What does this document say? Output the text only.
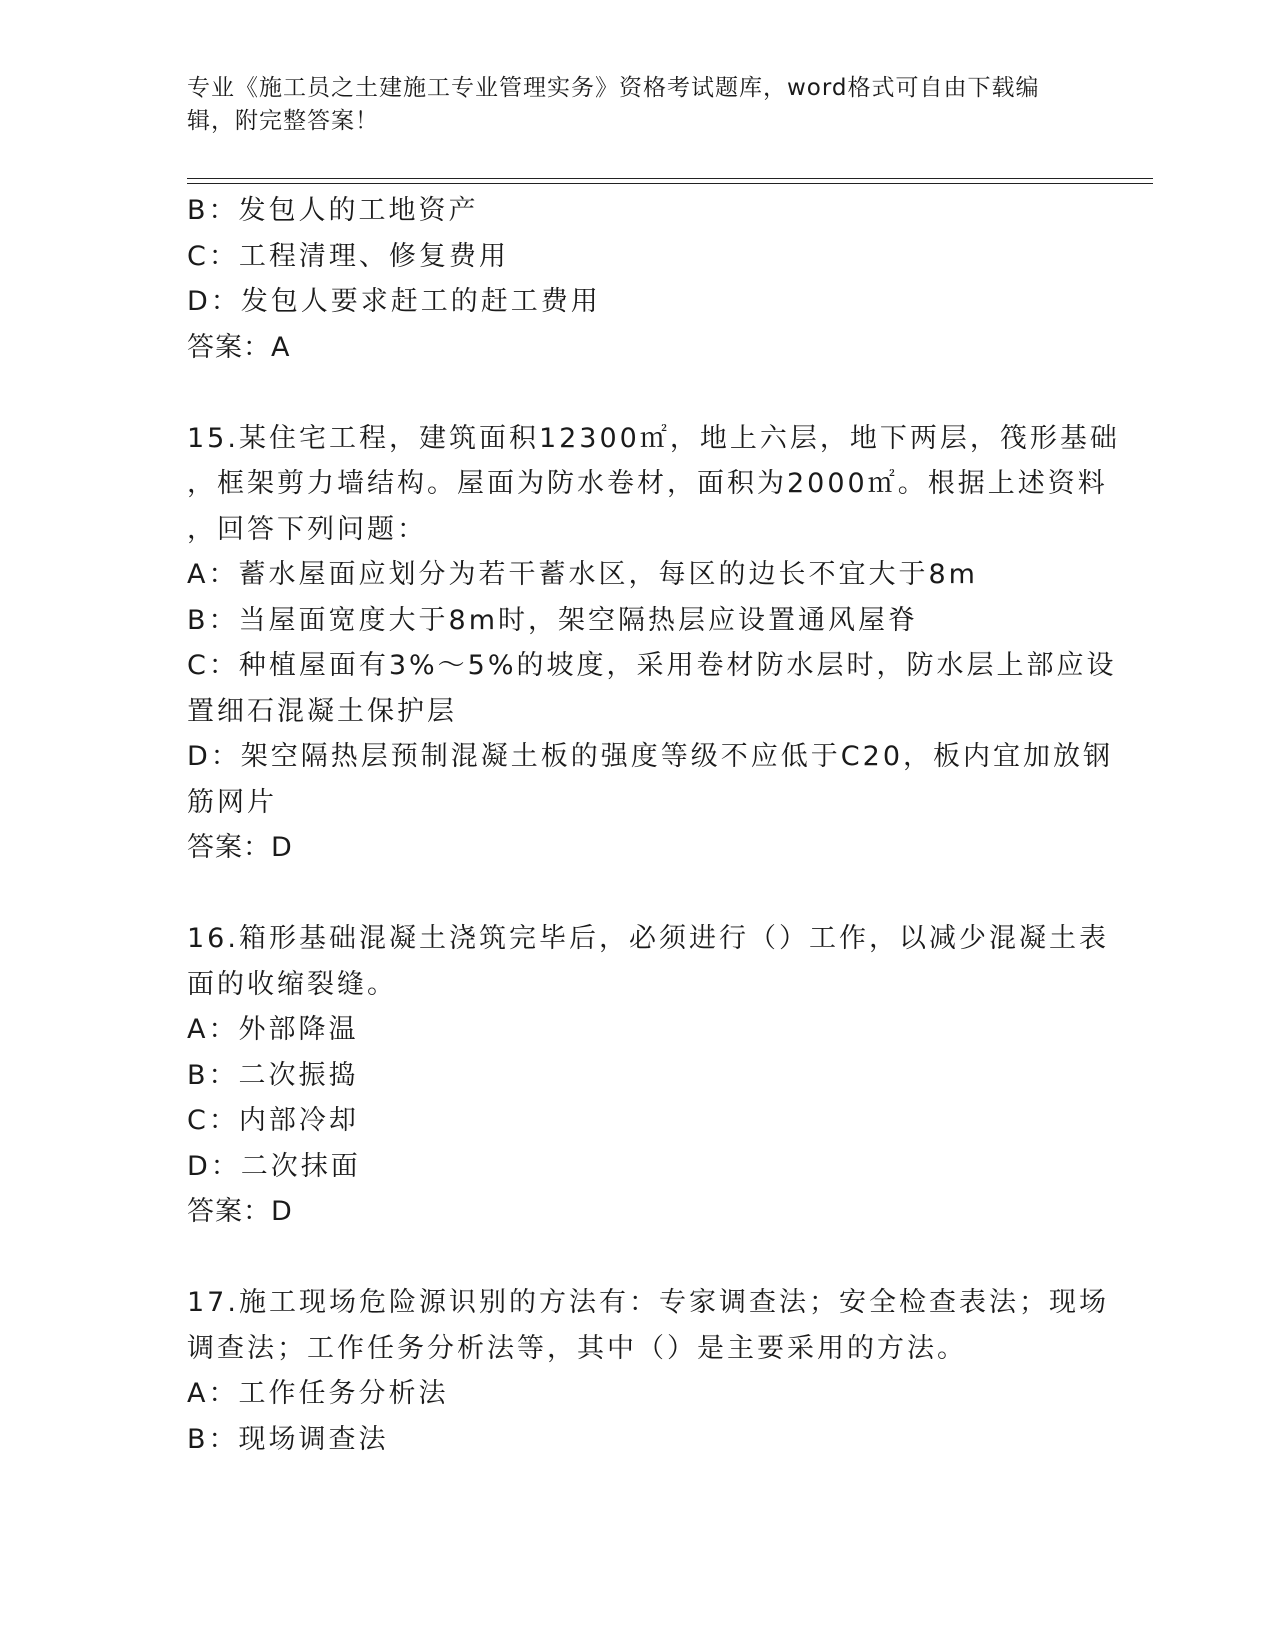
专业《施工员之土建施工专业管理实务》资格考试题库，word格式可自由下载编
辑，附完整答案！
B：发包人的工地资产
C：工程清理、修复费用
D：发包人要求赶工的赶工费用
答案：A
15.某住宅工程，建筑面积12300㎡，地上六层，地下两层，筏形基础
，框架剪力墙结构。屋面为防水卷材，面积为2000㎡。根据上述资料
，回答下列问题：
A：蓄水屋面应划分为若干蓄水区，每区的边长不宜大于8m
B：当屋面宽度大于8m时，架空隔热层应设置通风屋脊
C：种植屋面有3%～5%的坡度，采用卷材防水层时，防水层上部应设
置细石混凝土保护层
D：架空隔热层预制混凝土板的强度等级不应低于C20，板内宜加放钢
筋网片
答案：D
16.箱形基础混凝土浇筑完毕后，必须进行（）工作，以减少混凝土表
面的收缩裂缝。
A：外部降温
B：二次振捣
C：内部冷却
D：二次抹面
答案：D
17.施工现场危险源识别的方法有：专家调查法；安全检查表法；现场
调查法；工作任务分析法等，其中（）是主要采用的方法。
A：工作任务分析法
B：现场调查法
